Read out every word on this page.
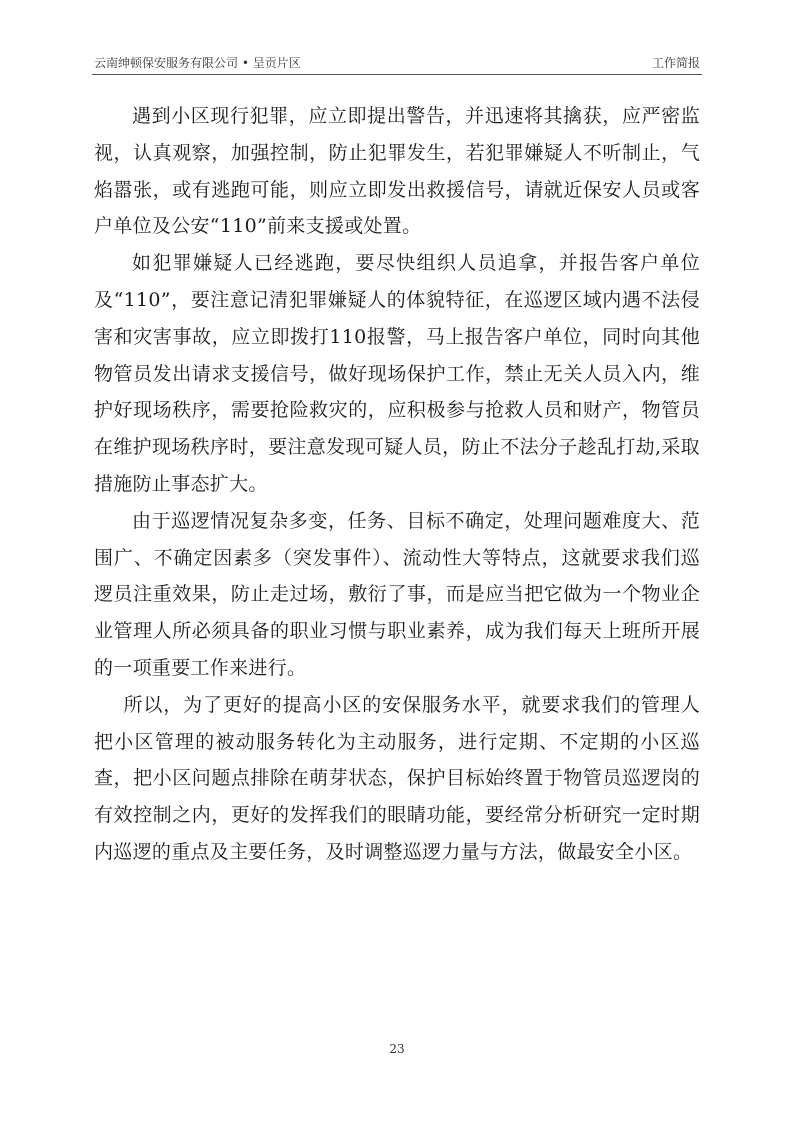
云南绅顿保安服务有限公司 • 呈贡片区	工作简报

遇到小区现行犯罪，应立即提出警告，并迅速将其擒获，应严密监视，认真观察，加强控制，防止犯罪发生，若犯罪嫌疑人不听制止，气焰嚣张，或有逃跑可能，则应立即发出救援信号，请就近保安人员或客户单位及公安“110”前来支援或处置。

如犯罪嫌疑人已经逃跑，要尽快组织人员追拿，并报告客户单位及“110”，要注意记清犯罪嫌疑人的体貌特征，在巡逻区域内遇不法侵害和灾害事故，应立即拨打110报警，马上报告客户单位，同时向其他物管员发出请求支援信号，做好现场保护工作，禁止无关人员入内，维护好现场秩序，需要抢险救灾的，应积极参与抢救人员和财产，物管员在维护现场秩序时，要注意发现可疑人员，防止不法分子趁乱打劫,采取措施防止事态扩大。

由于巡逻情况复杂多变，任务、目标不确定，处理问题难度大、范围广、不确定因素多（突发事件）、流动性大等特点，这就要求我们巡逻员注重效果，防止走过场，敷衍了事，而是应当把它做为一个物业企业管理人所必须具备的职业习惯与职业素养，成为我们每天上班所开展的一项重要工作来进行。

所以，为了更好的提高小区的安保服务水平，就要求我们的管理人把小区管理的被动服务转化为主动服务，进行定期、不定期的小区巡查，把小区问题点排除在萌芽状态，保护目标始终置于物管员巡逻岗的有效控制之内，更好的发挥我们的眼睛功能，要经常分析研究一定时期内巡逻的重点及主要任务，及时调整巡逻力量与方法，做最安全小区。

23
